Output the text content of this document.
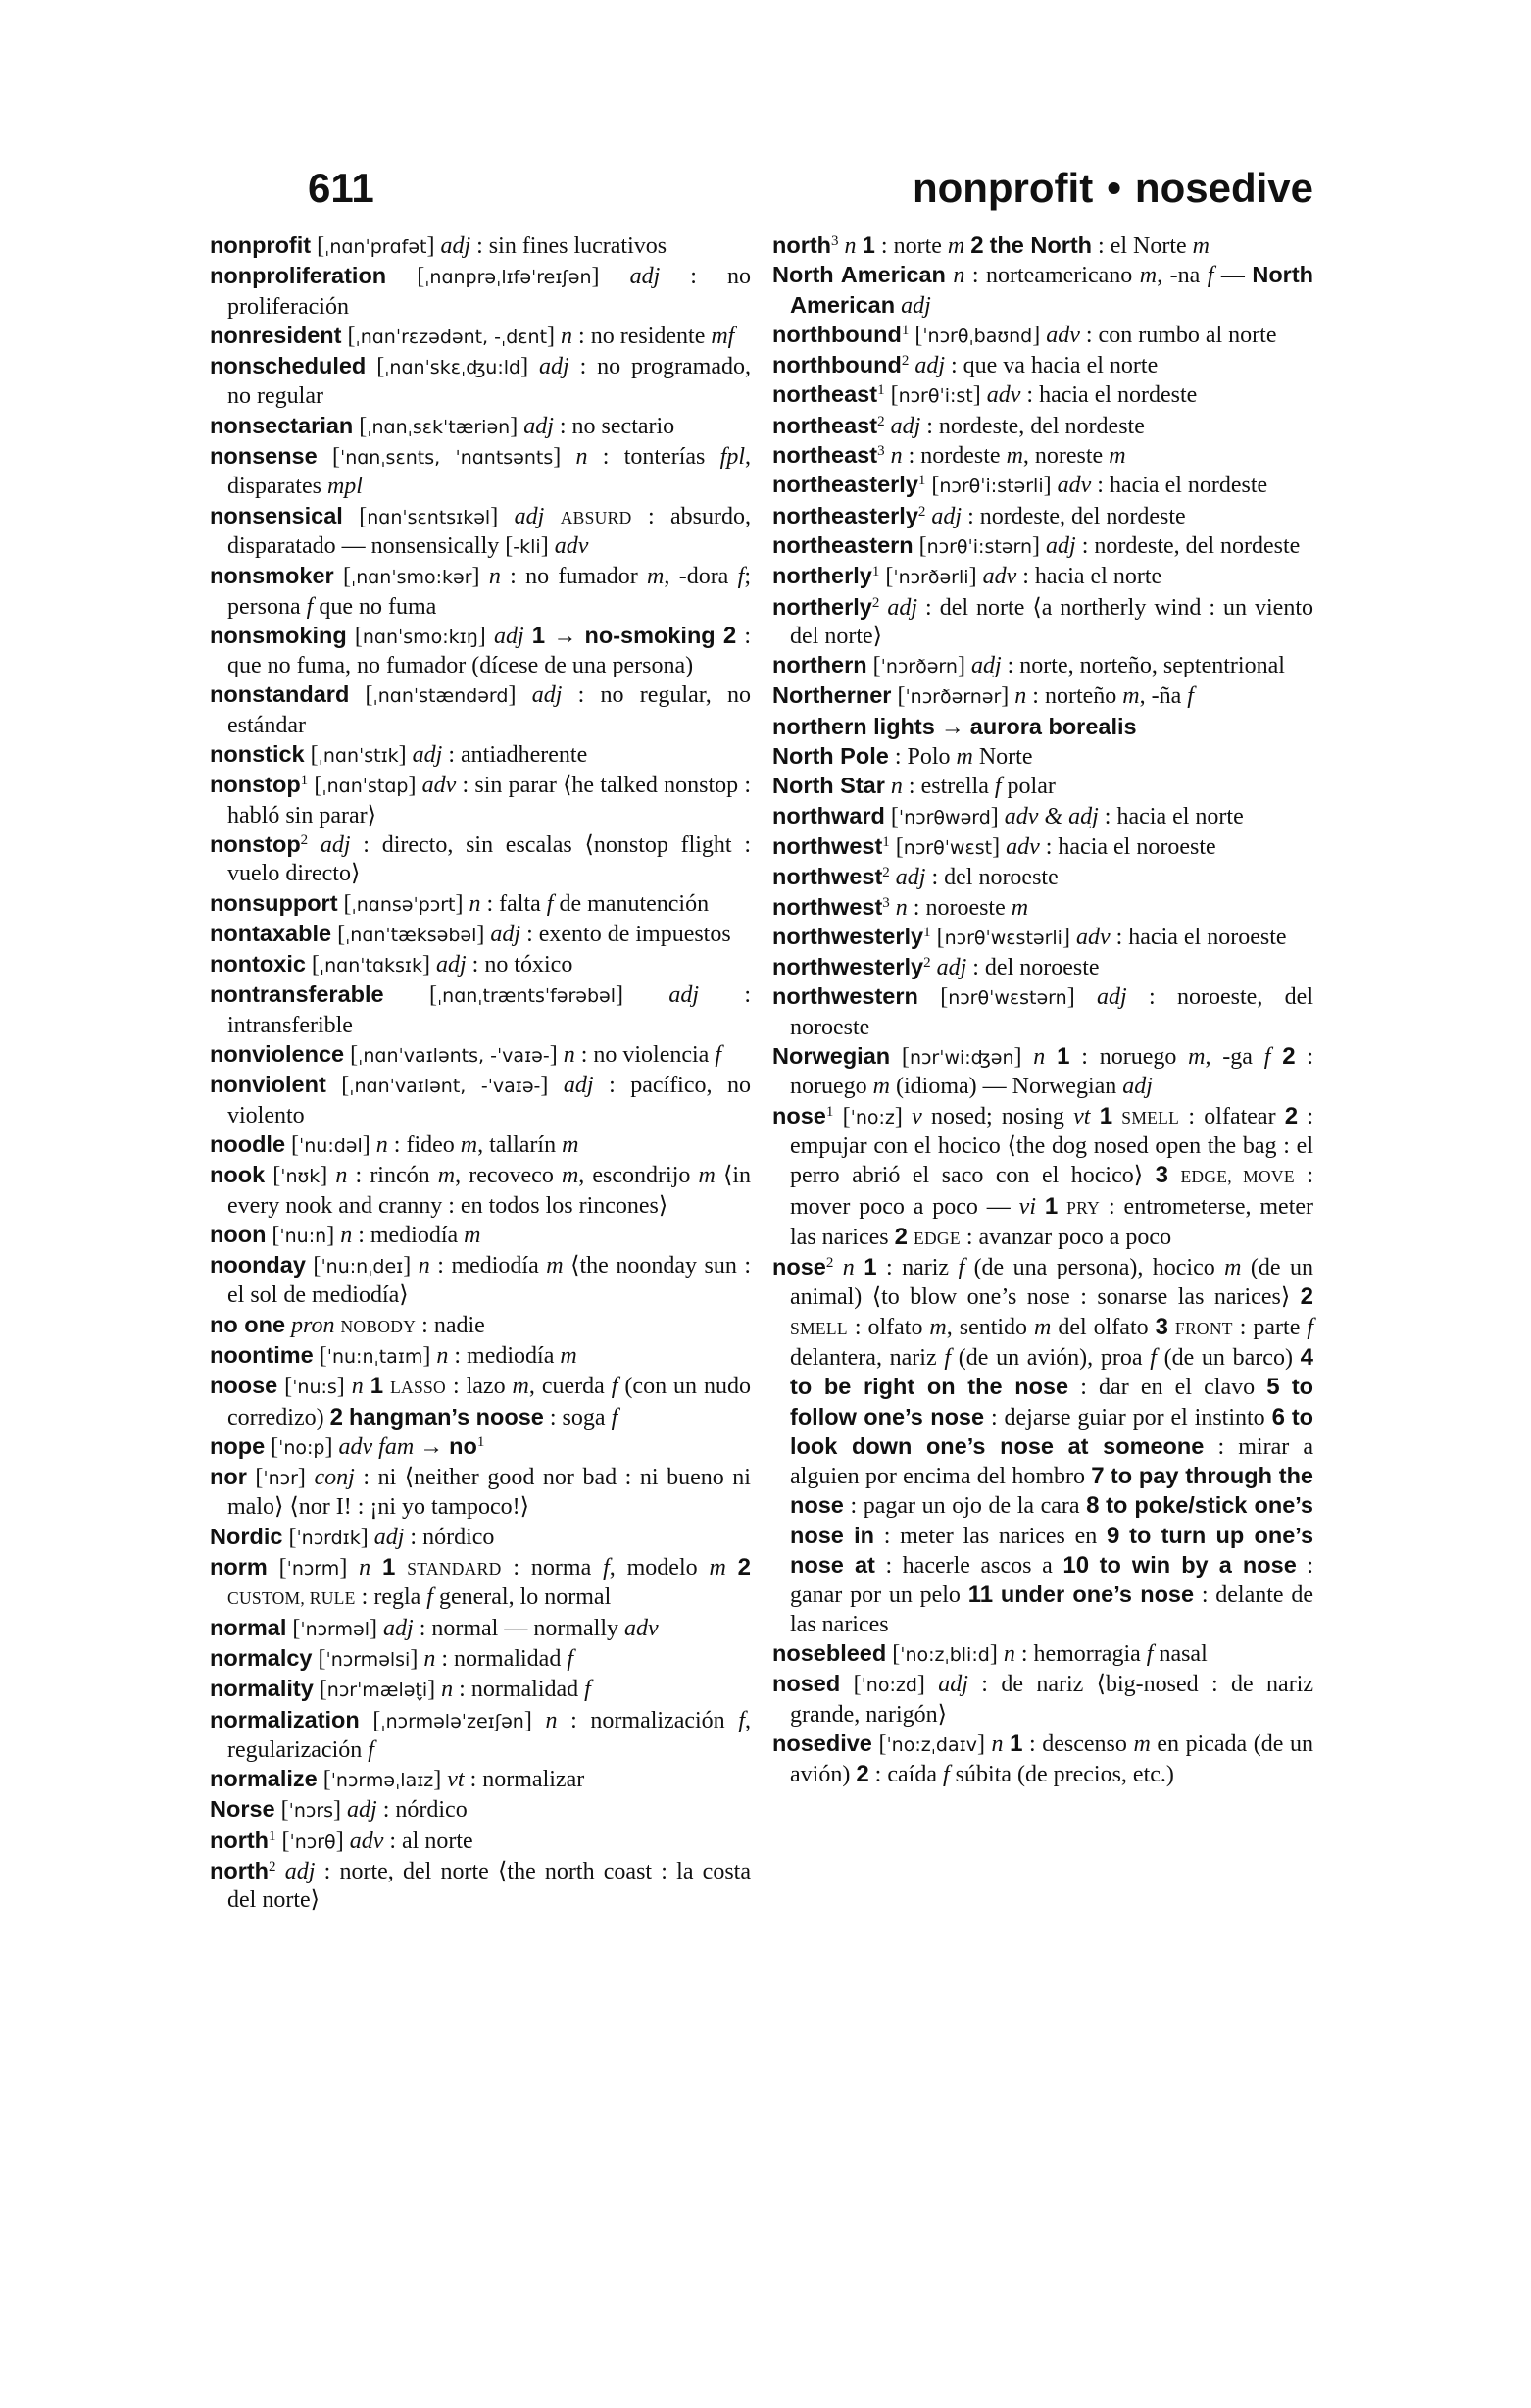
611	nonprofit • nosedive

nonprofit [ˌnɑnˈprɑfət] adj : sin fines lucrativos

nonproliferation [ˌnɑnprəˌlɪfəˈreɪʃən] adj : no proliferación

nonresident [ˌnɑnˈrɛzədənt, -ˌdɛnt] n : no residente mf

nonscheduled [ˌnɑnˈskɛˌʤu:ld] adj : no programado, no regular

nonsectarian [ˌnɑnˌsɛkˈtæriən] adj : no sectario

nonsense [ˈnɑnˌsɛnts, ˈnɑntsənts] n : tonterías fpl, disparates mpl

nonsensical [nɑnˈsɛntsɪkəl] adj ABSURD : absurdo, disparatado — nonsensically [-kli] adv

nonsmoker [ˌnɑnˈsmo:kər] n : no fumador m, -dora f; persona f que no fuma

nonsmoking [nɑnˈsmo:kɪŋ] adj 1 → no-smoking 2 : que no fuma, no fumador (dícese de una persona)

nonstandard [ˌnɑnˈstændərd] adj : no regular, no estándar

nonstick [ˌnɑnˈstɪk] adj : antiadherente

nonstop$^1$ [ˌnɑnˈstɑp] adv : sin parar ⟨he talked nonstop : habló sin parar⟩

nonstop$^2$ adj : directo, sin escalas ⟨nonstop flight : vuelo directo⟩

nonsupport [ˌnɑnsəˈpɔrt] n : falta f de manutención

nontaxable [ˌnɑnˈtæksəbəl] adj : exento de impuestos

nontoxic [ˌnɑnˈtɑksɪk] adj : no tóxico

nontransferable [ˌnɑnˌtræntsˈfərəbəl] adj : intransferible

nonviolence [ˌnɑnˈvaɪlənts, -ˈvaɪə-] n : no violencia f

nonviolent [ˌnɑnˈvaɪlənt, -ˈvaɪə-] adj : pacífico, no violento

noodle [ˈnu:dəl] n : fideo m, tallarín m

nook [ˈnʊk] n : rincón m, recoveco m, escondrijo m ⟨in every nook and cranny : en todos los rincones⟩

noon [ˈnu:n] n : mediodía m

noonday [ˈnu:nˌdeɪ] n : mediodía m ⟨the noonday sun : el sol de mediodía⟩

no one pron NOBODY : nadie

noontime [ˈnu:nˌtaɪm] n : mediodía m

noose [ˈnu:s] n 1 LASSO : lazo m, cuerda f (con un nudo corredizo) 2 hangman’s noose : soga f

nope [ˈno:p] adv fam → $no^1$

nor [ˈnɔr] conj : ni ⟨neither good nor bad : ni bueno ni malo⟩ ⟨nor I! : ¡ni yo tampoco!⟩

Nordic [ˈnɔrdɪk] adj : nórdico

norm [ˈnɔrm] n 1 STANDARD : norma f, modelo m 2 CUSTOM, RULE : regla f general, lo normal

normal [ˈnɔrməl] adj : normal — normally adv

normalcy [ˈnɔrməlsi] n : normalidad f

normality [nɔrˈmælət̬i] n : normalidad f

normalization [ˌnɔrmələˈzeɪʃən] n : normalización f, regularización f

normalize [ˈnɔrməˌlaɪz] vt : normalizar

Norse [ˈnɔrs] adj : nórdico

north$^1$ [ˈnɔrθ] adv : al norte

north$^2$ adj : norte, del norte ⟨the north coast : la costa del norte⟩

north$^3$ n 1 : norte m 2 the North : el Norte m

North American n : norteamericano m, -na f — North American adj

northbound$^1$ [ˈnɔrθˌbaʊnd] adv : con rumbo al norte

northbound$^2$ adj : que va hacia el norte

northeast$^1$ [nɔrθˈi:st] adv : hacia el nordeste

northeast$^2$ adj : nordeste, del nordeste

northeast$^3$ n : nordeste m, noreste m

northeasterly$^1$ [nɔrθˈi:stərli] adv : hacia el nordeste

northeasterly$^2$ adj : nordeste, del nordeste

northeastern [nɔrθˈi:stərn] adj : nordeste, del nordeste

northerly$^1$ [ˈnɔrðərli] adv : hacia el norte

northerly$^2$ adj : del norte ⟨a northerly wind : un viento del norte⟩

northern [ˈnɔrðərn] adj : norte, norteño, septentrional

Northerner [ˈnɔrðərnər] n : norteño m, -ña f

northern lights → aurora borealis

North Pole : Polo m Norte

North Star n : estrella f polar

northward [ˈnɔrθwərd] adv & adj : hacia el norte

northwest$^1$ [nɔrθˈwɛst] adv : hacia el noroeste

northwest$^2$ adj : del noroeste

northwest$^3$ n : noroeste m

northwesterly$^1$ [nɔrθˈwɛstərli] adv : hacia el noroeste

northwesterly$^2$ adj : del noroeste

northwestern [nɔrθˈwɛstərn] adj : noroeste, del noroeste

Norwegian [nɔrˈwi:ʤən] n 1 : noruego m, -ga f 2 : noruego m (idioma) — Norwegian adj

nose$^1$ [ˈno:z] v nosed; nosing vt 1 SMELL : olfatear 2 : empujar con el hocico ⟨the dog nosed open the bag : el perro abrió el saco con el hocico⟩ 3 EDGE, MOVE : mover poco a poco — vi 1 PRY : entrometerse, meter las narices 2 EDGE : avanzar poco a poco

nose$^2$ n 1 : nariz f (de una persona), hocico m (de un animal) ⟨to blow one’s nose : sonarse las narices⟩ 2 SMELL : olfato m, sentido m del olfato 3 FRONT : parte f delantera, nariz f (de un avión), proa f (de un barco) 4 to be right on the nose : dar en el clavo 5 to follow one’s nose : dejarse guiar por el instinto 6 to look down one’s nose at someone : mirar a alguien por encima del hombro 7 to pay through the nose : pagar un ojo de la cara 8 to poke/stick one’s nose in : meter las narices en 9 to turn up one’s nose at : hacerle ascos a 10 to win by a nose : ganar por un pelo 11 under one’s nose : delante de las narices

nosebleed [ˈno:zˌbli:d] n : hemorragia f nasal

nosed [ˈno:zd] adj : de nariz ⟨big-nosed : de nariz grande, narigón⟩

nosedive [ˈno:zˌdaɪv] n 1 : descenso m en picada (de un avión) 2 : caída f súbita (de precios, etc.)
